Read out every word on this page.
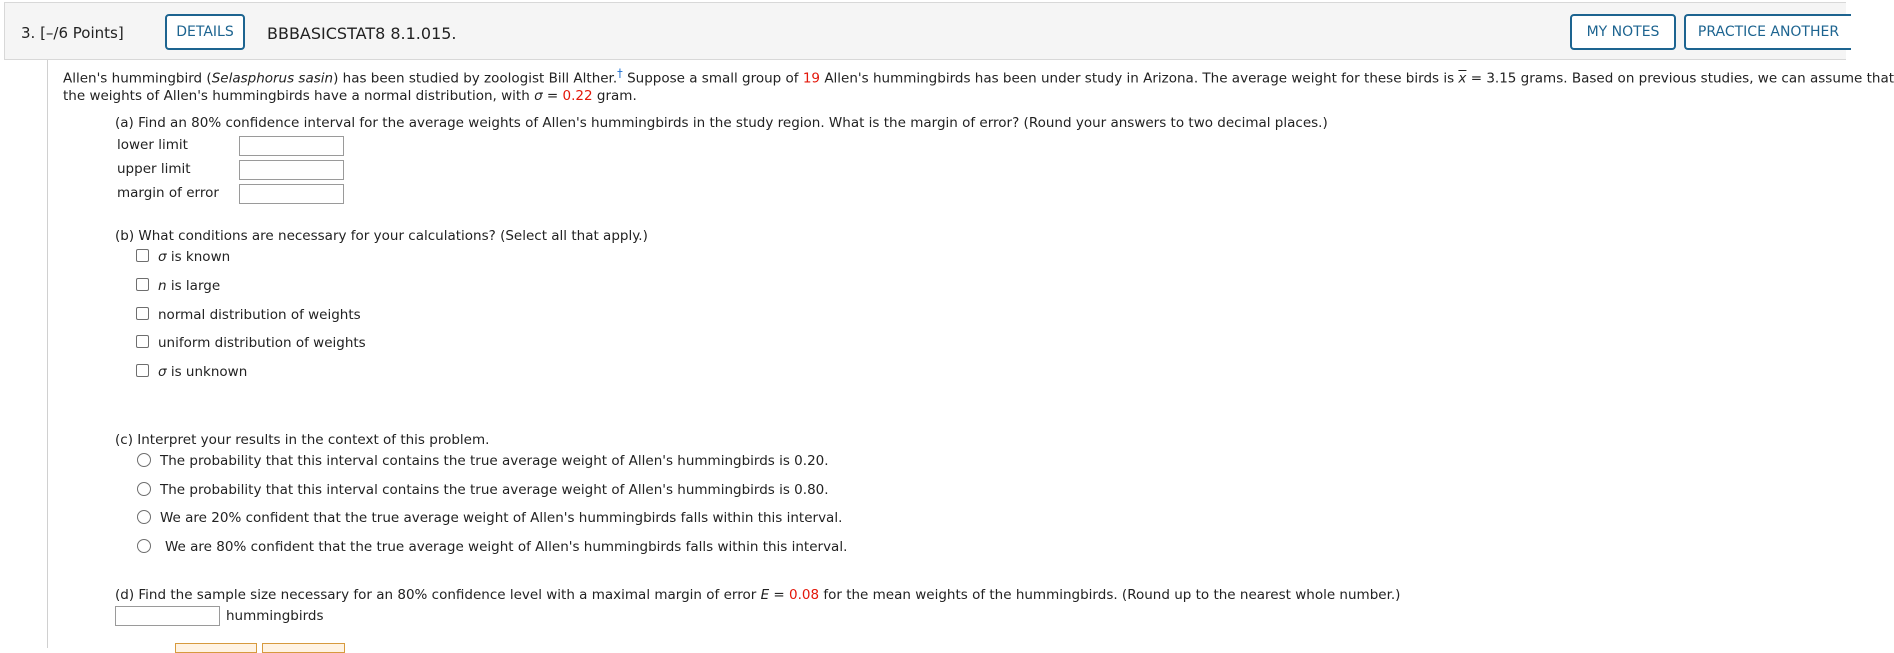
3. [–/6 Points]	DETAILS	BBBASICSTAT8 8.1.015.	MY NOTES	PRACTICE ANOTHER
Allen's hummingbird (Selasphorus sasin) has been studied by zoologist Bill Alther.† Suppose a small group of 19 Allen's hummingbirds has been under study in Arizona. The average weight for these birds is $\overline{x} = 3.15$ grams. Based on previous studies, we can assume that
the weights of Allen's hummingbirds have a normal distribution, with σ = 0.22 gram.
(a) Find an 80% confidence interval for the average weights of Allen's hummingbirds in the study region. What is the margin of error? (Round your answers to two decimal places.)
lower limit
upper limit
margin of error
(b) What conditions are necessary for your calculations? (Select all that apply.)
σ is known
n is large
normal distribution of weights
uniform distribution of weights
σ is unknown
(c) Interpret your results in the context of this problem.
The probability that this interval contains the true average weight of Allen's hummingbirds is 0.20.
The probability that this interval contains the true average weight of Allen's hummingbirds is 0.80.
We are 20% confident that the true average weight of Allen's hummingbirds falls within this interval.
We are 80% confident that the true average weight of Allen's hummingbirds falls within this interval.
(d) Find the sample size necessary for an 80% confidence level with a maximal margin of error E = 0.08 for the mean weights of the hummingbirds. (Round up to the nearest whole number.)
hummingbirds
